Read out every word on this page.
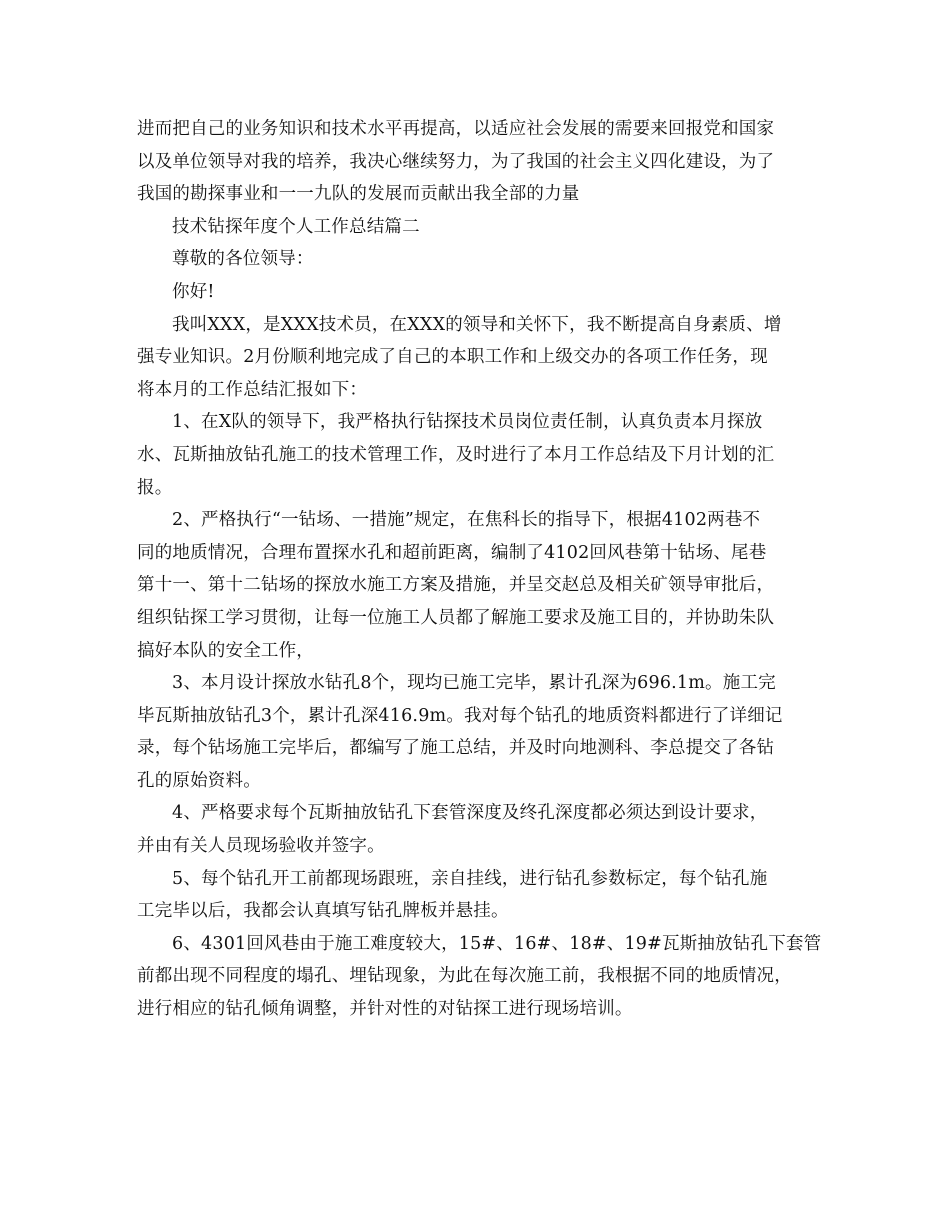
进而把自己的业务知识和技术水平再提高，以适应社会发展的需要来回报党和国家
以及单位领导对我的培养，我决心继续努力，为了我国的社会主义四化建设，为了
我国的勘探事业和一一九队的发展而贡献出我全部的力量
技术钻探年度个人工作总结篇二
尊敬的各位领导：
你好!
我叫XXX，是XXX技术员，在XXX的领导和关怀下，我不断提高自身素质、增
强专业知识。2月份顺利地完成了自己的本职工作和上级交办的各项工作任务，现
将本月的工作总结汇报如下：
1、在X队的领导下，我严格执行钻探技术员岗位责任制，认真负责本月探放
水、瓦斯抽放钻孔施工的技术管理工作，及时进行了本月工作总结及下月计划的汇
报。
2、严格执行“一钻场、一措施”规定，在焦科长的指导下，根据4102两巷不
同的地质情况，合理布置探水孔和超前距离，编制了4102回风巷第十钻场、尾巷
第十一、第十二钻场的探放水施工方案及措施，并呈交赵总及相关矿领导审批后，
组织钻探工学习贯彻，让每一位施工人员都了解施工要求及施工目的，并协助朱队
搞好本队的安全工作，
3、本月设计探放水钻孔8个，现均已施工完毕，累计孔深为696.1m。施工完
毕瓦斯抽放钻孔3个，累计孔深416.9m。我对每个钻孔的地质资料都进行了详细记
录，每个钻场施工完毕后，都编写了施工总结，并及时向地测科、李总提交了各钻
孔的原始资料。
4、严格要求每个瓦斯抽放钻孔下套管深度及终孔深度都必须达到设计要求，
并由有关人员现场验收并签字。
5、每个钻孔开工前都现场跟班，亲自挂线，进行钻孔参数标定，每个钻孔施
工完毕以后，我都会认真填写钻孔牌板并悬挂。
6、4301回风巷由于施工难度较大，15#、16#、18#、19#瓦斯抽放钻孔下套管
前都出现不同程度的塌孔、埋钻现象，为此在每次施工前，我根据不同的地质情况，
进行相应的钻孔倾角调整，并针对性的对钻探工进行现场培训。
